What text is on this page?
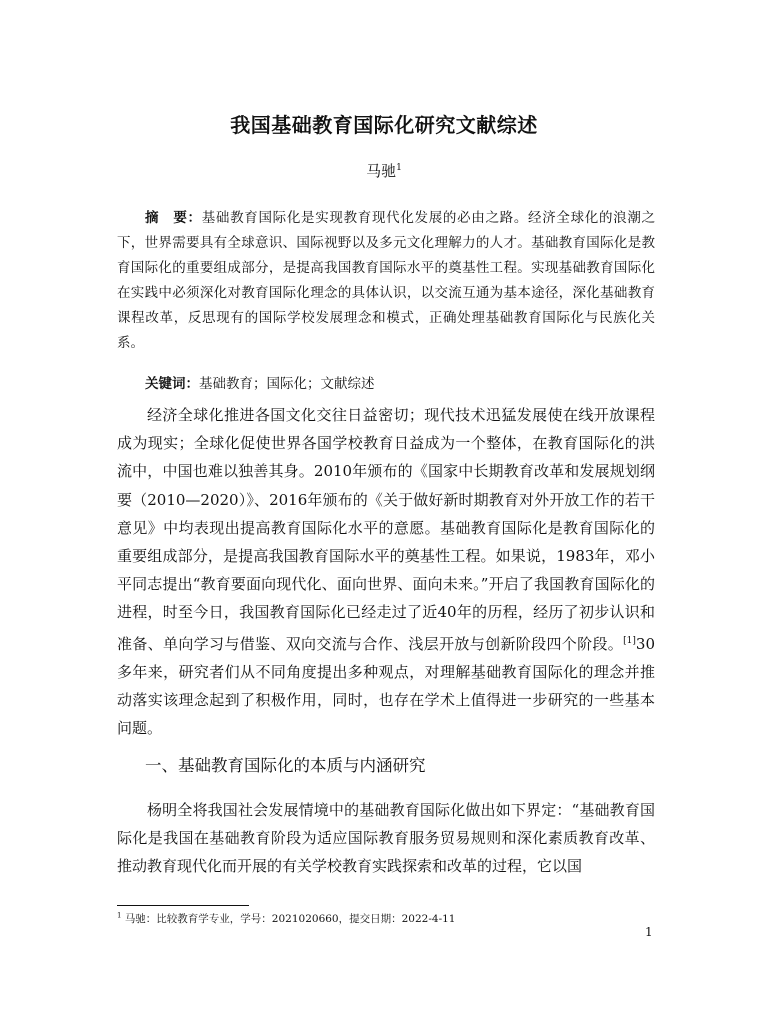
我国基础教育国际化研究文献综述
马驰$^1$

摘　要：基础教育国际化是实现教育现代化发展的必由之路。经济全球化的浪潮之下，世界需要具有全球意识、国际视野以及多元文化理解力的人才。基础教育国际化是教育国际化的重要组成部分，是提高我国教育国际水平的奠基性工程。实现基础教育国际化在实践中必须深化对教育国际化理念的具体认识，以交流互通为基本途径，深化基础教育课程改革，反思现有的国际学校发展理念和模式，正确处理基础教育国际化与民族化关系。

关键词：基础教育；国际化；文献综述

经济全球化推进各国文化交往日益密切；现代技术迅猛发展使在线开放课程成为现实；全球化促使世界各国学校教育日益成为一个整体，在教育国际化的洪流中，中国也难以独善其身。2010年颁布的《国家中长期教育改革和发展规划纲要（2010—2020）》、2016年颁布的《关于做好新时期教育对外开放工作的若干意见》中均表现出提高教育国际化水平的意愿。基础教育国际化是教育国际化的重要组成部分，是提高我国教育国际水平的奠基性工程。如果说，1983年，邓小平同志提出“教育要面向现代化、面向世界、面向未来。”开启了我国教育国际化的进程，时至今日，我国教育国际化已经走过了近40年的历程，经历了初步认识和准备、单向学习与借鉴、双向交流与合作、浅层开放与创新阶段四个阶段。[1]30多年来，研究者们从不同角度提出多种观点，对理解基础教育国际化的理念并推动落实该理念起到了积极作用，同时，也存在学术上值得进一步研究的一些基本问题。

一、基础教育国际化的本质与内涵研究

杨明全将我国社会发展情境中的基础教育国际化做出如下界定：“基础教育国际化是我国在基础教育阶段为适应国际教育服务贸易规则和深化素质教育改革、推动教育现代化而开展的有关学校教育实践探索和改革的过程，它以国

$^1$ 马驰：比较教育学专业，学号：2021020660，提交日期：2022-4-11

1
